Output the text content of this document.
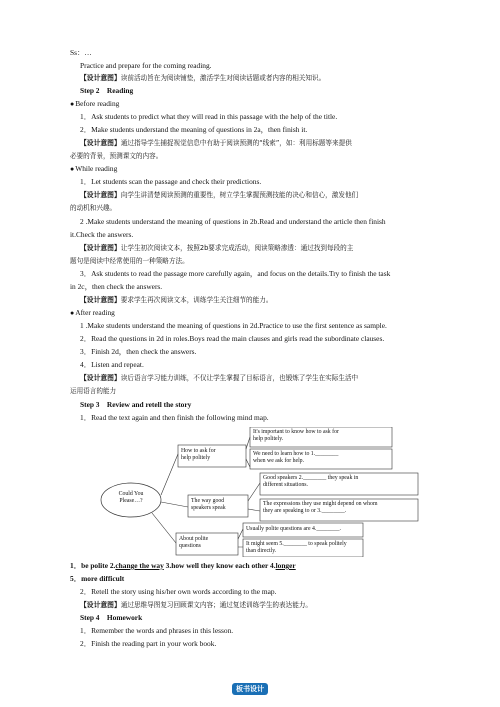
Ss：…
Practice and prepare for the coming reading.
【设计意图】读前活动旨在为阅读铺垫，激活学生对阅读话题或者内容的相关知识。
Step 2　Reading
● Before reading
1．Ask students to predict what they will read in this passage with the help of the title.
2．Make students understand the meaning of questions in 2a，then finish it.
【设计意图】通过指导学生捕捉视觉信息中有助于阅读预测的“线索”，如：利用标题等来提供
必要的背景，预测课文的内容。
● While reading
1．Let students scan the passage and check their predictions.
【设计意图】向学生讲清楚阅读预测的重要性，树立学生掌握预测技能的决心和信心，激发他们
的动机和兴趣。
2 .Make students understand the meaning of questions in 2b.Read and understand the article then finish
it.Check the answers.
【设计意图】让学生初次阅读文本，按照2b要求完成活动，阅读策略渗透：通过找到每段的主
题句是阅读中经常使用的一种策略方法。
3．Ask students to read the passage more carefully again，and focus on the details.Try to finish the task
in 2c，then check the answers.
【设计意图】要求学生再次阅读文本，训练学生关注细节的能力。
● After reading
1 .Make students understand the meaning of questions in 2d.Practice to use the first sentence as sample.
2．Read the questions in 2d in roles.Boys read the main clauses and girls read the subordinate clauses.
3．Finish 2d，then check the answers.
4．Listen and repeat.
【设计意图】读后语言学习能力训练，不仅让学生掌握了目标语言，也锻炼了学生在实际生活中
运用语言的能力
Step 3　Review and retell the story
1．Read the text again and then finish the following mind map.
Could You
Please…?
How to ask for
help politely
The way good
speakers speak
About polite
questions
It's important to know how to ask for
help politely.
We need to learn how to 1.________
when we ask for help.
Good speakers 2.________ they speak in
different situations.
The expressions they use might depend on whom
they are speaking to or 3.________.
Usually polite questions are 4.________.
It might seem 5.________ to speak politely
than directly.
1．be polite 2.change the way 3.how well they know each other 4.longer
5．more difficult
2．Retell the story using his/her own words according to the map.
【设计意图】通过思维导图复习回顾课文内容；通过复述训练学生的表达能力。
Step 4　Homework
1．Remember the words and phrases in this lesson.
2．Finish the reading part in your work book.
板书设计
